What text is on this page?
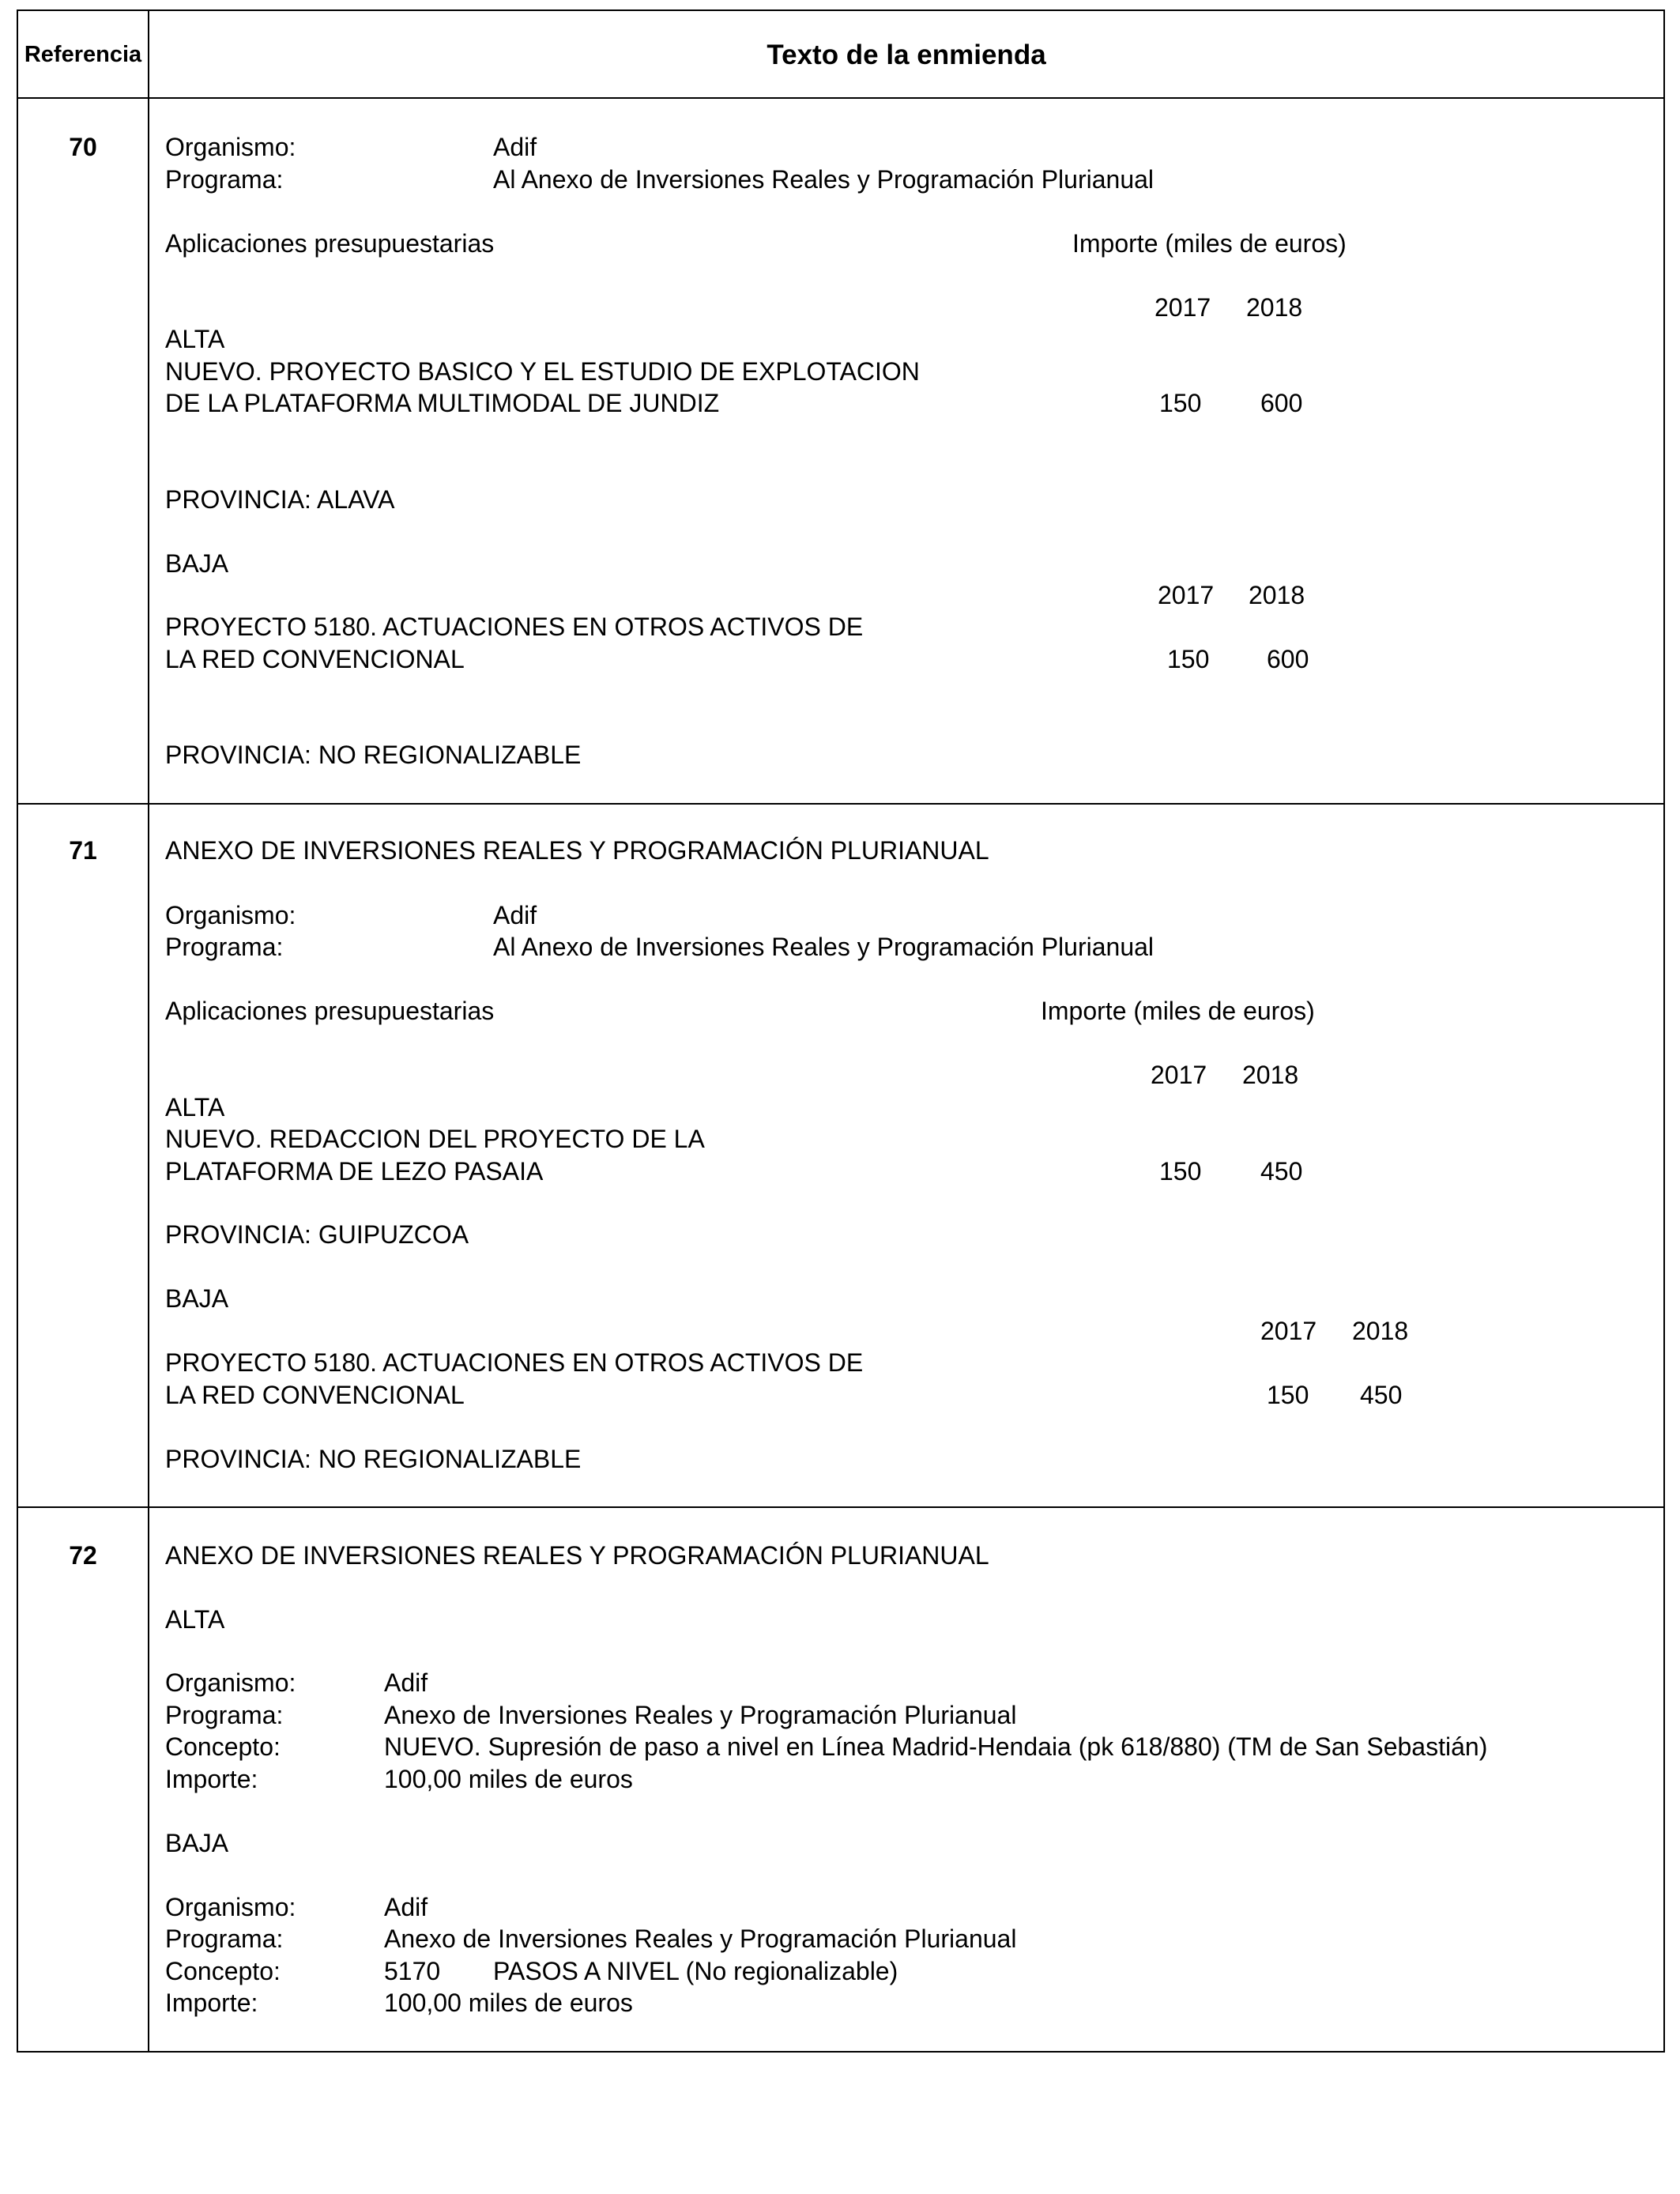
Referencia	Texto de la enmienda
70	Organismo:	Adif
Programa:	Al Anexo de Inversiones Reales y Programación Plurianual
Aplicaciones presupuestarias	Importe (miles de euros)
2017 2018
ALTA
NUEVO. PROYECTO BASICO Y EL ESTUDIO DE EXPLOTACION
DE LA PLATAFORMA MULTIMODAL DE JUNDIZ	150 600
PROVINCIA: ALAVA
BAJA
2017 2018
PROYECTO 5180. ACTUACIONES EN OTROS ACTIVOS DE
LA RED CONVENCIONAL	150 600
PROVINCIA: NO REGIONALIZABLE
71	ANEXO DE INVERSIONES REALES Y PROGRAMACIÓN PLURIANUAL
Organismo:	Adif
Programa:	Al Anexo de Inversiones Reales y Programación Plurianual
Aplicaciones presupuestarias	Importe (miles de euros)
2017 2018
ALTA
NUEVO. REDACCION DEL PROYECTO DE LA
PLATAFORMA DE LEZO PASAIA	150 450
PROVINCIA: GUIPUZCOA
BAJA
2017 2018
PROYECTO 5180. ACTUACIONES EN OTROS ACTIVOS DE
LA RED CONVENCIONAL	150 450
PROVINCIA: NO REGIONALIZABLE
72	ANEXO DE INVERSIONES REALES Y PROGRAMACIÓN PLURIANUAL
ALTA
Organismo:	Adif
Programa:	Anexo de Inversiones Reales y Programación Plurianual
Concepto:	NUEVO. Supresión de paso a nivel en Línea Madrid-Hendaia (pk 618/880) (TM de San Sebastián)
Importe:	100,00 miles de euros
BAJA
Organismo:	Adif
Programa:	Anexo de Inversiones Reales y Programación Plurianual
Concepto:	5170 PASOS A NIVEL (No regionalizable)
Importe:	100,00 miles de euros
